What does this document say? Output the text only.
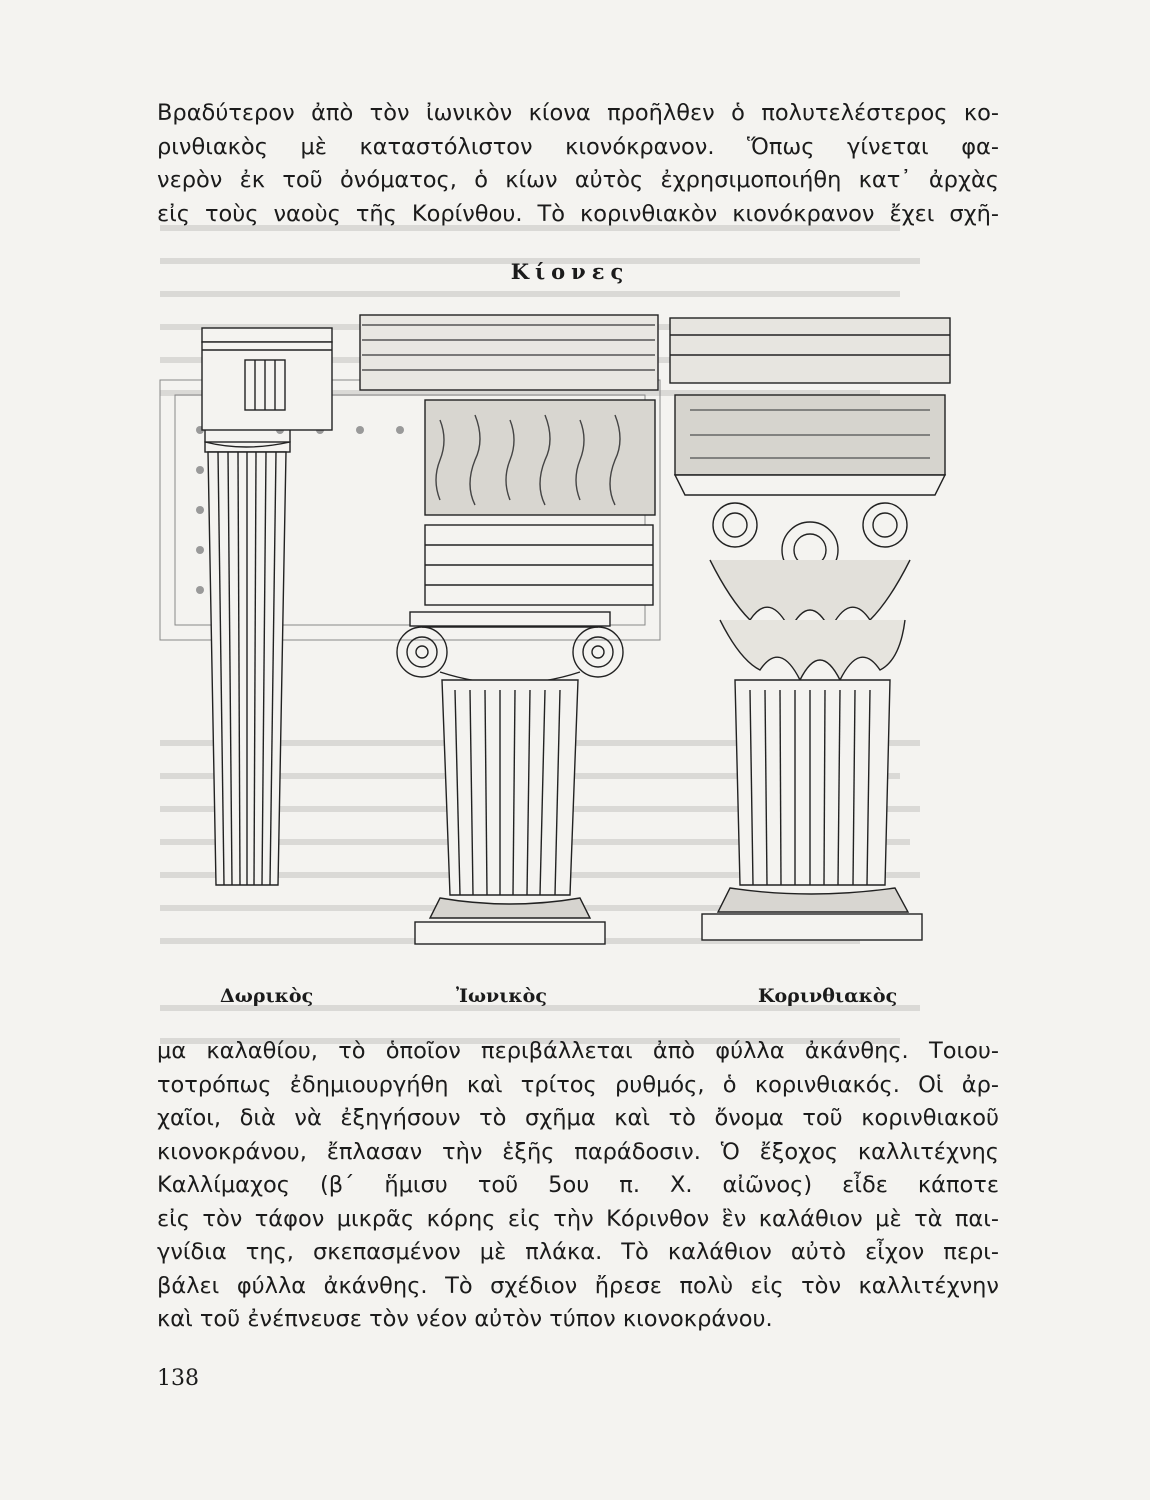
Βραδύτερον ἀπὸ τὸν ἰωνικὸν κίονα προῆλθεν ὁ πολυτελέστερος κο-
ρινθιακὸς μὲ καταστόλιστον κιονόκρανον. Ὅπως γίνεται φα-
νερὸν ἐκ τοῦ ὀνόματος, ὁ κίων αὐτὸς ἐχρησιμοποιήθη κατ᾽ ἀρχὰς
εἰς τοὺς ναοὺς τῆς Κορίνθου. Τὸ κορινθιακὸν κιονόκρανον ἔχει σχῆ-
Κίονες
Δωρικὸς	Ἰωνικὸς	Κορινθιακὸς
μα καλαθίου, τὸ ὁποῖον περιβάλλεται ἀπὸ φύλλα ἀκάνθης. Τοιου-
τοτρόπως ἐδημιουργήθη καὶ τρίτος ρυθμός, ὁ κορινθιακός. Οἱ ἀρ-
χαῖοι, διὰ νὰ ἐξηγήσουν τὸ σχῆμα καὶ τὸ ὄνομα τοῦ κορινθιακοῦ
κιονοκράνου, ἔπλασαν τὴν ἑξῆς παράδοσιν. Ὁ ἔξοχος καλλιτέχνης
Καλλίμαχος (β´ ἥμισυ τοῦ 5ου π. Χ. αἰῶνος) εἶδε κάποτε
εἰς τὸν τάφον μικρᾶς κόρης εἰς τὴν Κόρινθον ἓν καλάθιον μὲ τὰ παι-
γνίδια της, σκεπασμένον μὲ πλάκα. Τὸ καλάθιον αὐτὸ εἶχον περι-
βάλει φύλλα ἀκάνθης. Τὸ σχέδιον ἤρεσε πολὺ εἰς τὸν καλλιτέχνην
καὶ τοῦ ἐνέπνευσε τὸν νέον αὐτὸν τύπον κιονοκράνου.
138
